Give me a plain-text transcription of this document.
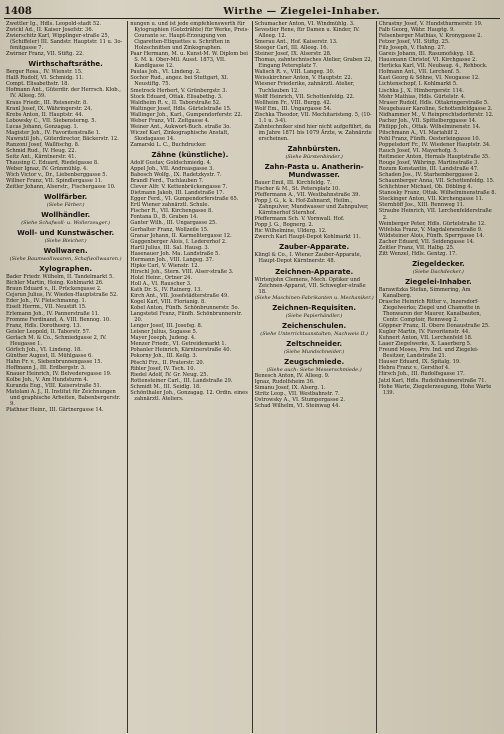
1408	Wirthe — Ziegelei-Inhaber.
Zwettler Ig., Hdls. Leopold-stadt 52.
Zwickl Ad., II. Kaiser Josefstr. 36.
Zwierschitz Karl, Wipplinger-straße 25, (Schiffeler) III. Sandstr. Hauptstr. 11 u. 3o-fenitgasse 7.
Zwirner Franz, VII. Stiftg. 22.
Wirthschaftsräthe.
Berger Rosa., IV. Wienstr. 15.
Halß Rudolf, VI. Schmidg. 11.
Compt. Elisabethstr. 18.
Hofmann Ant., Güterdir. der Herrsch. Klob., IV. Alleeg. 59.
Kraus Friedr., III. Reisnerstr. 8.
Kranl Josef, IX. Währingerstr. 24.
Krebs Anton, II. Hauptstr. 44.
Lobowsky C., VII. Siebensterng. 5.
Lucas Johann, Gonzagag. 1.
Magister Joh., IV. Favoritenstraße 1.
Nawratil Joh., Güterdirector, Bäckerstr. 12.
Ranzoni Josef, Wallfischg. 8.
Schmid Rud., IV. Heug. 22.
Seitz Ant., Kärntnerstr. 41.
Thausing C. Eduard, Riedelgasse 8.
Weber Ignaz, IV. Grünmühlg. 4.
Wich Victor v., Dr., Liebenberggasse 5.
Willner Franz, VII. Spindlergasse 11.
Zeitler Johann, Alserstr., Fischergasse 10.
Wollfärber.
(Siehe Färber.)
Wollhändler.
(Siehe Schafwoll- u. Wollerzeuger.)
Woll- und Kunstwäscher.
(Siehe Bleicher.)
Wollwaren.
(Siehe Baumwollwaaren, Schafwollwaaren.)
Xylographen.
Bader Friedr. Wilhelm, II. Tandelmarkt 5.
Bichler Martin, Hoing. Kohlmarkt 26.
Braun Eduard v., II. Prückengasse 2.
Cejsrun Julius, IV. Wieden-Hauptstraße 52.
Eder Joh., IV. Fleischmanng. 1.
Eiselt Herrm., VII. Neustift 15.
Erlemann Joh., IV. Pannerstraße 11.
Fromme Ferdinand, A. VIII. Bennog. 10.
Franz, Hdls. Dorotheerg. 13.
Geisler Leopold, II. Taborstr. 57.
Gerlach M. & Co., Schmiedgasse 2, IV. Heugasse 1.
Görlich Joh., VI. Lindeng. 18.
Günther August, II. Mühlgasse 6.
Hahn Fr. v., Siebenbrunnengasse 15.
Hoffmann J., III. Erdbergstr. 3.
Knauer Heinrich, IV. Belvederegasse 19.
Kolbe Joh., V. Am Hundsturm 4.
Kuranda Eug., VIII. Kaiserstraße 51.
Matolani A. J., II. Institut für Zeichnungen und graphische Arbeiten, Babenbergerstr. 9.
Plathner Heinr., III. Gärtnergasse 14.
nungen u. und ist jede empfehlenswerth für Kylographien (Golzdrähte) für Werke, Preis-Courante sc. Haupt-Erzeugung von Cigaretten-Etiquettes u. Schriften in Holzschnitten und Zinkographen.
Paar Hermann, M. u. Kunst-M. W. Diplom bei S. M. k. Ober-Mil. Ausst. 1873, VII. Kandlgasse 12.
Paulas Joh., VI. Lindeng. 2.
Sochor Rud., angez. bei Stuttgart, XI. Neustiftg. 75.
Smetrock Herbert, V. Grünbergstr. 3.
Stock Eduard, Ottak. Elisabethg. 3.
Waldheim R. v., II. Taborstraße 52.
Waltinger Josef, Hdls. Gürtelstraße 15.
Wallinger Joh., Karl., Gumpendorferstr. 22.
Weber Franz, VII. Zeltgasse 4.
Weiner Ant., Aukwort-Buch. straße 3o.
Wiczef Karl, Zinkographische Anstalt, Skodagasse 14.
Zamarski L. C., Buchdrucker.
Zähne (künstliche).
Adolf Gustav, Goldschmiedg. 4.
Appel Joh., VII. Andreasgasse 3.
Babosch Wolfg., IX. Radetzkystr. 7.
Brandl Ferd., Tuchlauben 7.
Clever Alfr. V. Kettenbrückengasse 7.
Dietmann Jakob, III. Landstraße 17.
Egger Ferd., VI. Gumpendorferstraße 65.
Ertl Wiener zahnärztl. Schule.
Fischer R., VII. Kirchengasse 8.
Fontana D., B. Graben 14.
Ganter Wilh., III. Ungargasse 25.
Gerhalter Franz, Wollzeile 15.
Granar Johann, II. Karmelitergasse 12.
Guggenberger Alois, I. Ledererhof 2.
Hartl Julius, III. Sal. Hausg. 3.
Hasenauer Joh. Ma. Landstraße 5.
Hermann Joh., VIII. Langeg. 37.
Hipke Carl, V. Wienstr. 12.
Hirschl Joh., Stern. VIII. Alser-straße 3.
Holzl Heinr., Ortner 24.
Holl A., VI. Rauscher 3.
Kath Dr. S., IV. Rainerg. 13.
Kirch Ant., VII. Josefstädterstraße 49.
Kogel Karl, VIII. Florianig. 8.
Kobel Anton, Fünfh. Schönbrunnerstr. 5o.
Langstetel Franz, Fünfh. Schönbrunnerstr. 20.
Lenger Josef, III. Josefsg. 8.
Leisner Julius, Sugasse 5.
Mayer Joseph, Judeng. 4.
Menzer Friedr., VI. Getreidemarkt 1.
Pohanler Heinrich, Kärntnerstraße 40.
Pokorny Joh., III. Keilg. 3.
Pöschl Frz., II. Praterstr. 20.
Ribler Josef, IV. Tsch. 10.
Riedel Adolf, IV. Gr. Neug. 25.
Rottensteiner Carl., III. Landstraße 29.
Schmidt M., III. Seidlg. 18.
Schönthaler Joh., Gonzagag. 12. Ordin. eines zahnärztl. Ateliers.
Schumacher Anton, VI. Windmühlg. 3.
Sevestier Rene, für Damen u. Kinder, IV. Alleeg. 12.
Smerau Ant., Hof. Kaiserstr. 13.
Steeger Carl, III. Alleeg. 16.
Steiner Josef, IX. Alserstr. 28.
Thomas, zahntechnisches Atelier, Graben 22, Eingang Petersplatz 7.
Walisch R. v., VIII. Langeg. 30.
Weisskirchner Anton, V. Hauptstr. 22.
Wiesner Friederike, zahnärztl. Atelier, Tuchlauben 12.
Wolff Heinrich, VII. Schottenfeldg. 22.
Wollheim Fr., VIII. Burgg. 42.
Wolf Em., III. Ungargasse 54.
Zischka Theodor, VII. Mechitaristeng. 5, (10-1.1 u. 3-4).
Zahntechniker sind hier nicht aufgeführt, da im Jahre 1871 bis 1079 Ärzte, w. Zahnärzte erscheinen.
Zahnbürsten.
(Siehe Bürstenbinder.)
Zahn-Pasta u. Anatherin-Mundwasser.
Bauer Emil, III. Kirchfeldg. 7.
Fischer & M., St. Petersplatz 10.
Pfeffermann A., VII. Westbahnstraße 39.
Popp J. G., k. k. Hof-Zahnarzt, Heilm., Zahnpulver, Mundwasser und Zahnpulver, Kärntnerhof Sternhof.
Pfeffermann Sch. V. Vornwall. Hof.
Popp J. G., Bognerg. 2.
Ric Wilhelmine, Ulderg. 12.
Zwerch Karl Haupt-Depot Kohlmarkt 11.
Zauber-Apparate.
Klingl & Co., I. Wiener Zauber-Apparate, Haupt-Depot Kärntnerstr. 48.
Zeichnen-Apparate.
Wirtenjohn Clemens, Mech. Optiker und Zeichnen-Apparat, VII. Schwegler-straße 18.
(Siehe Maschinen-Fabrikanten u. Mechaniker.)
Zeichnen-Requisiten.
(Siehe Papierhändler.)
Zeichenschulen.
(Siehe Unterrichtsanstalten, Nachweis II.)
Zeltschneider.
(Siehe Mundschneider.)
Zeugschmiede.
(Siehe auch: Siehe Messerschmiede.)
Benesch Anton, IV. Alleeg. 9.
Ignaz, Rudolfsheim 36.
Simanu Josef, IX. Alserg. 1.
Stritz Leop., VII. Westbahnstr. 7.
Ostrowsky A., VI. Stumpergasse 2.
Schad Wilhelm, VI. Steinwag 44.
Chrastny Josef, V. Hundsthurmerstr. 19.
Falb Georg, Währ. Hauptg. 9.
Felsenberger Mathias, V. Kronygasse 2.
Fetzer Josef, VII. Stiftg. 25.
Filz Joseph, V. Hahng. 27.
Gareis Johann, III. Rasumofskyg. 18.
Hausmann Christof, VI. Kirchgasse 2.
Herlicka Karl, VII. Neubaug. 4., Rehbock.
Hofmann Ant., VII. Lerchenf. 5.
Kast Georg & Söhne, VI. Neugasse 12.
Lichtenschopf, I. Kohlmarkt 5.
Lischka J., X. Himbergerstr. 114.
Mohr Mathias, Hdls. Gürtelstr. 4.
Mraser Rudolf, Hdls. Ottakringerstraße 5.
Neugebauer Karoline, Schottenfeldgasse 2.
Nidhammer M., V. Reinprechtsdorferstr. 12.
Pacher Joh., VII. Spittelberggasse 14.
Philipp Joh., Ottak. Wilhelminenstr. 14.
Pitschmann A., VI. Mariahilf 2.
Pohl Franz, Fünfh. Oesterleingasse 10.
Poppelsdorf Fr., IV. Wiedener Hauptstr. 34.
Rauch Josef, VI. Mayerhofg. 5.
Reitmeier Anton, Hernals Hauptstraße 35.
Rouge Josef, Währing. Martinstraße 3.
Rozum Konstantin, III. Landstraße 47.
Schaden Jos., IV. Starhemberggasse 2.
Schaumberger Anna, VII. Schottenfeldg. 15.
Schlichtner Michael, Ob. Döbling 4.
Stanosky Franz, Ottak. Wilhelminenstraße 8.
Steckinger Anton, VII. Kirchengasse 11.
Sternhöff Jos., XIII. Rennweg 11.
Straube Heinrich, VII. Lerchenfelderstraße 2.
Weinberger Peter, Hdls. Gürtelstraße 12.
Wifelska Franz, V. Magdalenenstraße 9.
Wildsteiner Alois, Fünfh. Sperrgasse 14.
Zacher Eduard, VII. Seidengasse 14.
Zeitler Franz, VII. Halbg. 25.
Zitt Wenzel, Hdls. Gentzg. 17.
Ziegeldecker.
(Siehe Dachdecker.)
Ziegelei-Inhaber.
Barawitzka Stefan, Simmering, Am Kanalberg.
Drasche Heinrich Ritter v., Inzersdorf-Ziegelwerke; Ziegel und Chamotte in Thonwaren der Maurer, Kanalbauten, Centr. Comptoir, Rennweg 2.
Göppner Franz, II. Obere Donaustraße 25.
Kugler Martin, IV. Favoritenstr. 44.
Kuhnert Anton, VII. Lerchenfeld 18.
Laaer Ziegelwerke, X. Laaerberg 5.
Freund Moses, Priv. Ind. und Ziegelei-Besitzer, Landstraße 21.
Hauser Eduard, IX. Spitalg. 19.
Hebra Franz v., Gersthof 4.
Hirsch Joh., III. Rudolfsgasse 17.
Jatzl Karl, Hdls. Rudolfsheimerstraße 71.
Hohe Warte, Ziegelerzeugung, Hohe Warte 139.
